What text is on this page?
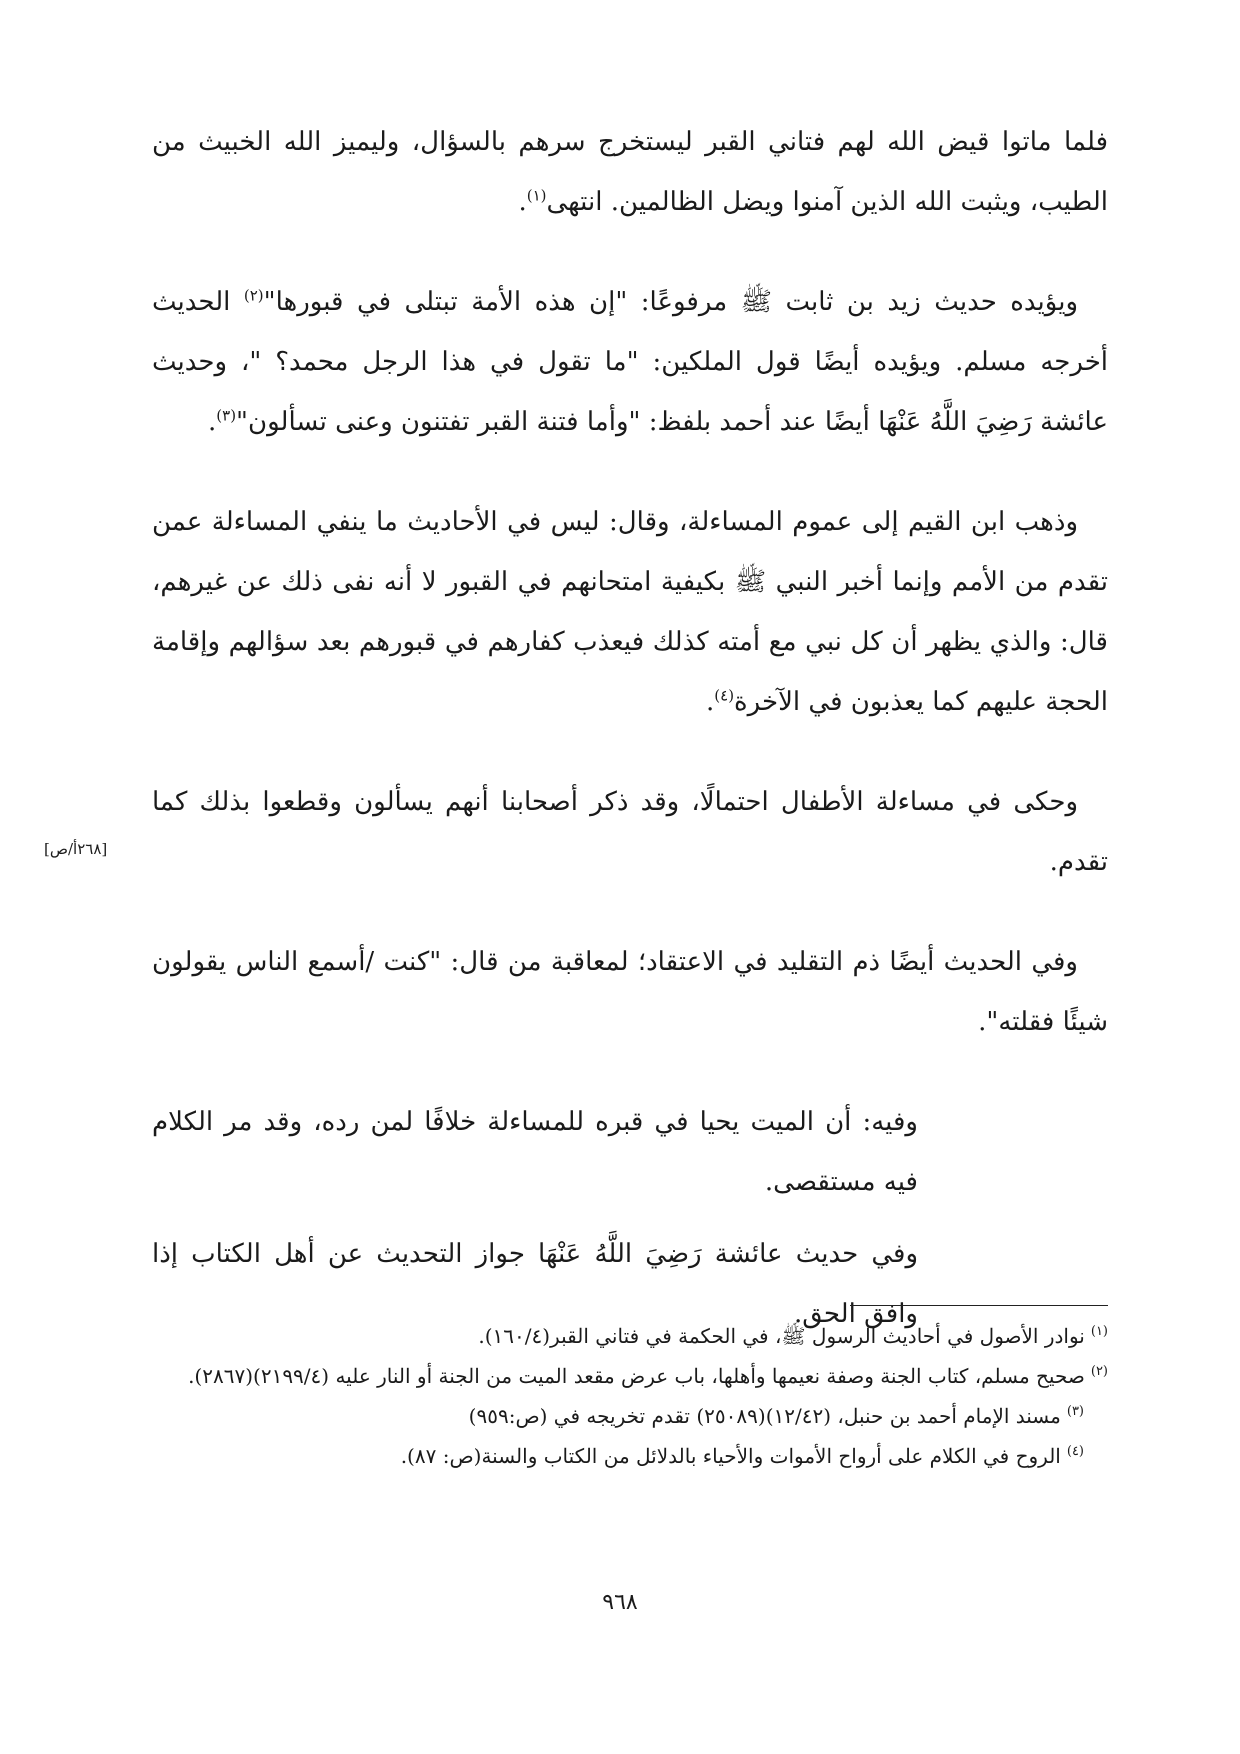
فلما ماتوا قيض الله لهم فتاني القبر ليستخرج سرهم بالسؤال، وليميز الله الخبيث من الطيب، ويثبت الله الذين آمنوا ويضل الظالمين. انتهى$^{(١)}$.

ويؤيده حديث زيد بن ثابت ﷺ مرفوعًا: "إن هذه الأمة تبتلى في قبورها"$^{(٢)}$ الحديث أخرجه مسلم. ويؤيده أيضًا قول الملكين: "ما تقول في هذا الرجل محمد؟ "، وحديث عائشة رَضِيَ اللَّهُ عَنْهَا أيضًا عند أحمد بلفظ: "وأما فتنة القبر تفتنون وعنى تسألون"$^{(٣)}$.

وذهب ابن القيم إلى عموم المساءلة، وقال: ليس في الأحاديث ما ينفي المساءلة عمن تقدم من الأمم وإنما أخبر النبي ﷺ بكيفية امتحانهم في القبور لا أنه نفى ذلك عن غيرهم، قال: والذي يظهر أن كل نبي مع أمته كذلك فيعذب كفارهم في قبورهم بعد سؤالهم وإقامة الحجة عليهم كما يعذبون في الآخرة$^{(٤)}$.

وحكى في مساءلة الأطفال احتمالًا، وقد ذكر أصحابنا أنهم يسألون وقطعوا بذلك كما تقدم.

وفي الحديث أيضًا ذم التقليد في الاعتقاد؛ لمعاقبة من قال: "كنت /أسمع الناس يقولون شيئًا فقلته".

وفيه: أن الميت يحيا في قبره للمساءلة خلافًا لمن رده، وقد مر الكلام فيه مستقصى.

وفي حديث عائشة رَضِيَ اللَّهُ عَنْهَا جواز التحديث عن أهل الكتاب إذا وافق الحق.

[٢٦٨أ/ص]

$^{(١)}$نوادر الأصول في أحاديث الرسول ﷺ، في الحكمة في فتاني القبر(١٦٠/٤).

$^{(٢)}$صحيح مسلم، كتاب الجنة وصفة نعيمها وأهلها، باب عرض مقعد الميت من الجنة أو النار عليه (٢١٩٩/٤)(٢٨٦٧).

$^{(٣)}$مسند الإمام أحمد بن حنبل، (١٢/٤٢)(٢٥٠٨٩) تقدم تخريجه في (ص:٩٥٩)

$^{(٤)}$الروح في الكلام على أرواح الأموات والأحياء بالدلائل من الكتاب والسنة(ص: ٨٧).

٩٦٨
